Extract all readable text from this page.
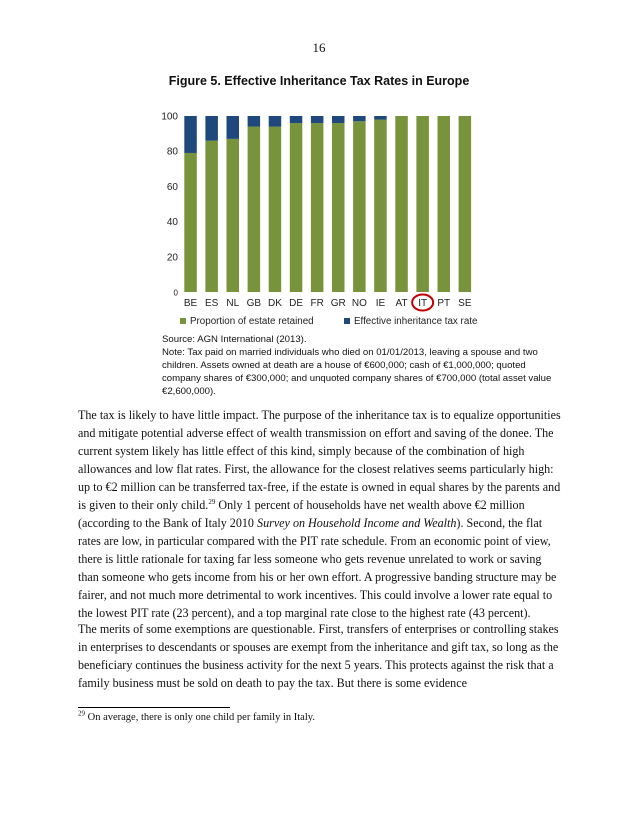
16
Figure 5. Effective Inheritance Tax Rates in Europe
0
20
40
60
80
100
BE ES NL GB DK DE FR GR NO IE AT IT PT SE
Proportion of estate retained	Effective inheritance tax rate

Source: AGN International (2013).

Note: Tax paid on married individuals who died on 01/01/2013, leaving a spouse and two children. Assets owned at death are a house of €600,000; cash of €1,000,000; quoted company shares of €300,000; and unquoted company shares of €700,000 (total asset value €2,600,000).

The tax is likely to have little impact. The purpose of the inheritance tax is to equalize opportunities and mitigate potential adverse effect of wealth transmission on effort and saving of the donee. The current system likely has little effect of this kind, simply because of the combination of high allowances and low flat rates. First, the allowance for the closest relatives seems particularly high: up to €2 million can be transferred tax-free, if the estate is owned in equal shares by the parents and is given to their only child.$^{29}$ Only 1 percent of households have net wealth above €2 million (according to the Bank of Italy 2010 Survey on Household Income and Wealth). Second, the flat rates are low, in particular compared with the PIT rate schedule. From an economic point of view, there is little rationale for taxing far less someone who gets revenue unrelated to work or saving than someone who gets income from his or her own effort. A progressive banding structure may be fairer, and not much more detrimental to work incentives. This could involve a lower rate equal to the lowest PIT rate (23 percent), and a top marginal rate close to the highest rate (43 percent).

The merits of some exemptions are questionable. First, transfers of enterprises or controlling stakes in enterprises to descendants or spouses are exempt from the inheritance and gift tax, so long as the beneficiary continues the business activity for the next 5 years. This protects against the risk that a family business must be sold on death to pay the tax. But there is some evidence

$^{29}$ On average, there is only one child per family in Italy.
